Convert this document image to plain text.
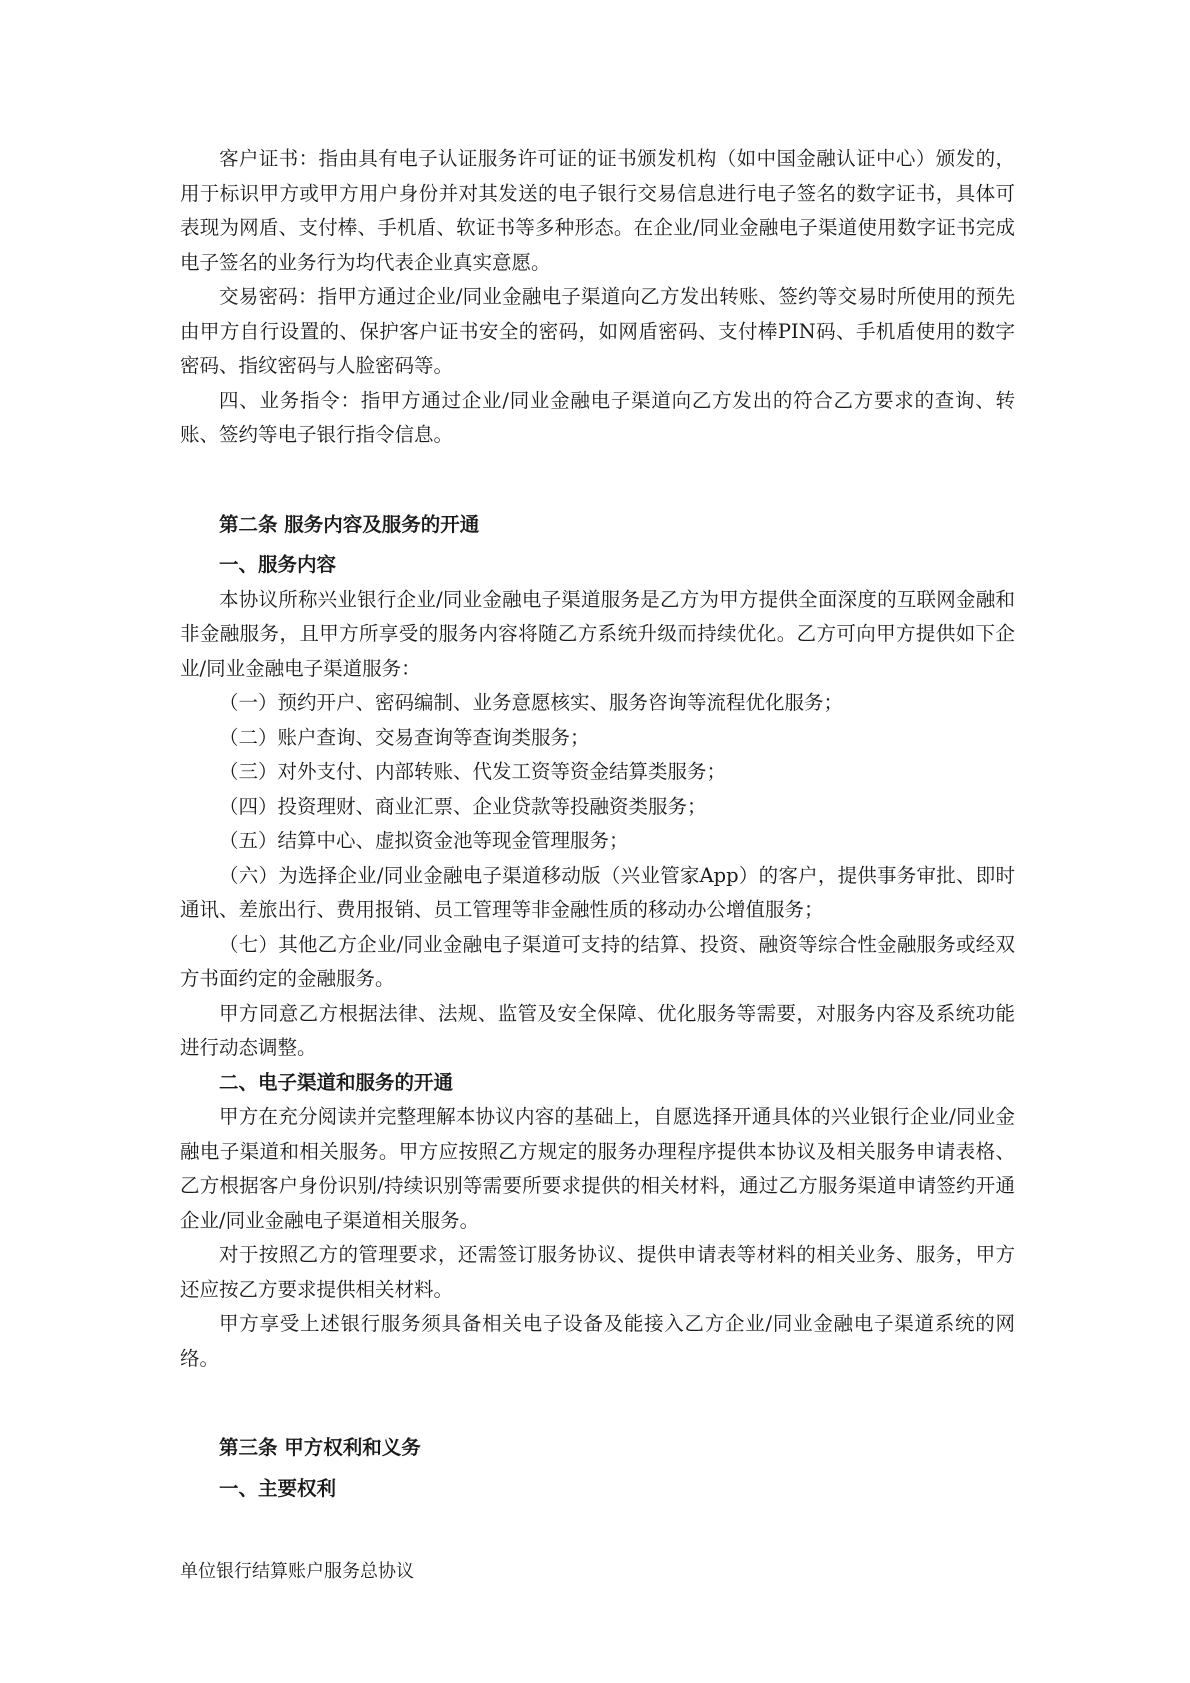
客户证书：指由具有电子认证服务许可证的证书颁发机构（如中国金融认证中心）颁发的，用于标识甲方或甲方用户身份并对其发送的电子银行交易信息进行电子签名的数字证书，具体可表现为网盾、支付棒、手机盾、软证书等多种形态。在企业/同业金融电子渠道使用数字证书完成电子签名的业务行为均代表企业真实意愿。

交易密码：指甲方通过企业/同业金融电子渠道向乙方发出转账、签约等交易时所使用的预先由甲方自行设置的、保护客户证书安全的密码，如网盾密码、支付棒PIN码、手机盾使用的数字密码、指纹密码与人脸密码等。

四、业务指令：指甲方通过企业/同业金融电子渠道向乙方发出的符合乙方要求的查询、转账、签约等电子银行指令信息。

第二条 服务内容及服务的开通

一、服务内容

本协议所称兴业银行企业/同业金融电子渠道服务是乙方为甲方提供全面深度的互联网金融和非金融服务，且甲方所享受的服务内容将随乙方系统升级而持续优化。乙方可向甲方提供如下企业/同业金融电子渠道服务：

（一）预约开户、密码编制、业务意愿核实、服务咨询等流程优化服务；

（二）账户查询、交易查询等查询类服务；

（三）对外支付、内部转账、代发工资等资金结算类服务；

（四）投资理财、商业汇票、企业贷款等投融资类服务；

（五）结算中心、虚拟资金池等现金管理服务；

（六）为选择企业/同业金融电子渠道移动版（兴业管家App）的客户，提供事务审批、即时通讯、差旅出行、费用报销、员工管理等非金融性质的移动办公增值服务；

（七）其他乙方企业/同业金融电子渠道可支持的结算、投资、融资等综合性金融服务或经双方书面约定的金融服务。

甲方同意乙方根据法律、法规、监管及安全保障、优化服务等需要，对服务内容及系统功能进行动态调整。

二、电子渠道和服务的开通

甲方在充分阅读并完整理解本协议内容的基础上，自愿选择开通具体的兴业银行企业/同业金融电子渠道和相关服务。甲方应按照乙方规定的服务办理程序提供本协议及相关服务申请表格、乙方根据客户身份识别/持续识别等需要所要求提供的相关材料，通过乙方服务渠道申请签约开通企业/同业金融电子渠道相关服务。

对于按照乙方的管理要求，还需签订服务协议、提供申请表等材料的相关业务、服务，甲方还应按乙方要求提供相关材料。

甲方享受上述银行服务须具备相关电子设备及能接入乙方企业/同业金融电子渠道系统的网络。

第三条 甲方权利和义务

一、主要权利

单位银行结算账户服务总协议
